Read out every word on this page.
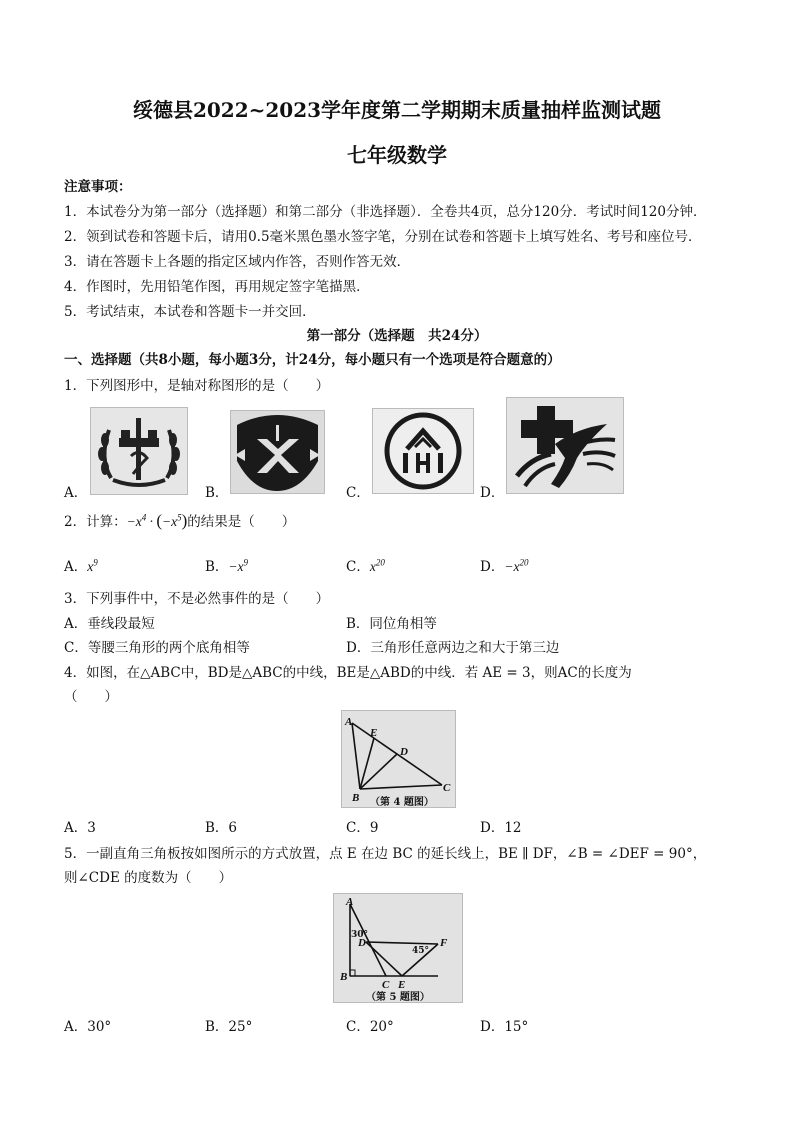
绥德县2022~2023学年度第二学期期末质量抽样监测试题
七年级数学
注意事项：
1．本试卷分为第一部分（选择题）和第二部分（非选择题）．全卷共4页，总分120分．考试时间120分钟．
2．领到试卷和答题卡后，请用0.5毫米黑色墨水签字笔，分别在试卷和答题卡上填写姓名、考号和座位号．
3．请在答题卡上各题的指定区域内作答，否则作答无效．
4．作图时，先用铅笔作图，再用规定签字笔描黑．
5．考试结束，本试卷和答题卡一并交回．
第一部分（选择题　共24分）
一、选择题（共8小题，每小题3分，计24分，每小题只有一个选项是符合题意的）
1．下列图形中，是轴对称图形的是（　　）
A．	B．	C．	D．
2．计算：$-x^4 \cdot (-x^5)$的结果是（　　）
A．$x^9$	B．$-x^9$	C．$x^{20}$	D．$-x^{20}$
3．下列事件中，不是必然事件的是（　　）
A．垂线段最短	B．同位角相等
C．等腰三角形的两个底角相等	D．三角形任意两边之和大于第三边
4．如图，在△ABC中，BD是△ABC的中线，BE是△ABD的中线．若 AE = 3，则AC的长度为
（　　）
A
E
D
B
C
（第 4 题图）
A．3	B．6	C．9	D．12
5．一副直角三角板按如图所示的方式放置，点 E 在边 BC 的延长线上，BE ∥ DF，∠B = ∠DEF = 90°，
则∠CDE 的度数为（　　）
A
D	F
B
C E
30°
45°
（第 5 题图）
A．30°	B．25°	C．20°	D．15°
